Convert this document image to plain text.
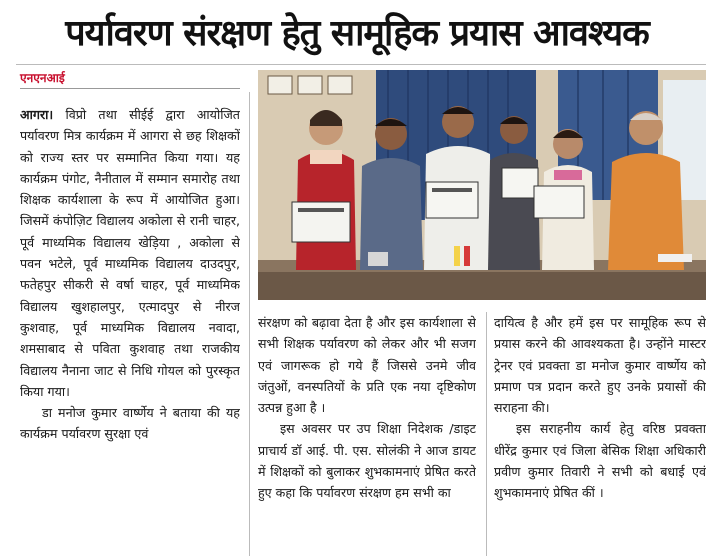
पर्यावरण संरक्षण हेतु सामूहिक प्रयास आवश्यक
एनएनआई

आगरा। विप्रो तथा सीईई द्वारा आयोजित पर्यावरण मित्र कार्यक्रम में आगरा से छह शिक्षकों को राज्य स्तर पर सम्मानित किया गया। यह कार्यक्रम पंगोट, नैनीताल में सम्मान समारोह तथा शिक्षक कार्यशाला के रूप में आयोजित हुआ। जिसमें कंपोज़िट विद्यालय अकोला से रानी चाहर, पूर्व माध्यमिक विद्यालय खेड़िया , अकोला से पवन भटेले, पूर्व माध्यमिक विद्यालय दाउदपुर, फतेहपुर सीकरी से वर्षा चाहर, पूर्व माध्यमिक विद्यालय खुशहालपुर, एत्मादपुर से नीरज कुशवाह, पूर्व माध्यमिक विद्यालय नवादा, शमसाबाद से पविता कुशवाह तथा राजकीय विद्यालय नैनाना जाट से निधि गोयल को पुरस्कृत किया गया।

डा मनोज कुमार वार्ष्णेय ने बताया की यह कार्यक्रम पर्यावरण सुरक्षा एवं

संरक्षण को बढ़ावा देता है और इस कार्यशाला से सभी शिक्षक पर्यावरण को लेकर और भी सजग एवं जागरूक हो गये हैं जिससे उनमे जीव जंतुओं, वनस्पतियों के प्रति एक नया दृष्टिकोण उत्पन्न हुआ है ।

इस अवसर पर उप शिक्षा निदेशक /डाइट प्राचार्य डॉ आई. पी. एस. सोलंकी ने आज डायट में शिक्षकों को बुलाकर शुभकामनाएं प्रेषित करते हुए कहा कि पर्यावरण संरक्षण हम सभी का

दायित्व है और हमें इस पर सामूहिक रूप से प्रयास करने की आवश्यकता है। उन्होंने मास्टर ट्रेनर एवं प्रवक्ता डा मनोज कुमार वार्ष्णेय को प्रमाण पत्र प्रदान करते हुए उनके प्रयासों की सराहना की।

इस सराहनीय कार्य हेतु वरिष्ठ प्रवक्ता धीरेंद्र कुमार एवं जिला बेसिक शिक्षा अधिकारी प्रवीण कुमार तिवारी ने सभी को बधाई एवं शुभकामनाएं प्रेषित कीं ।
